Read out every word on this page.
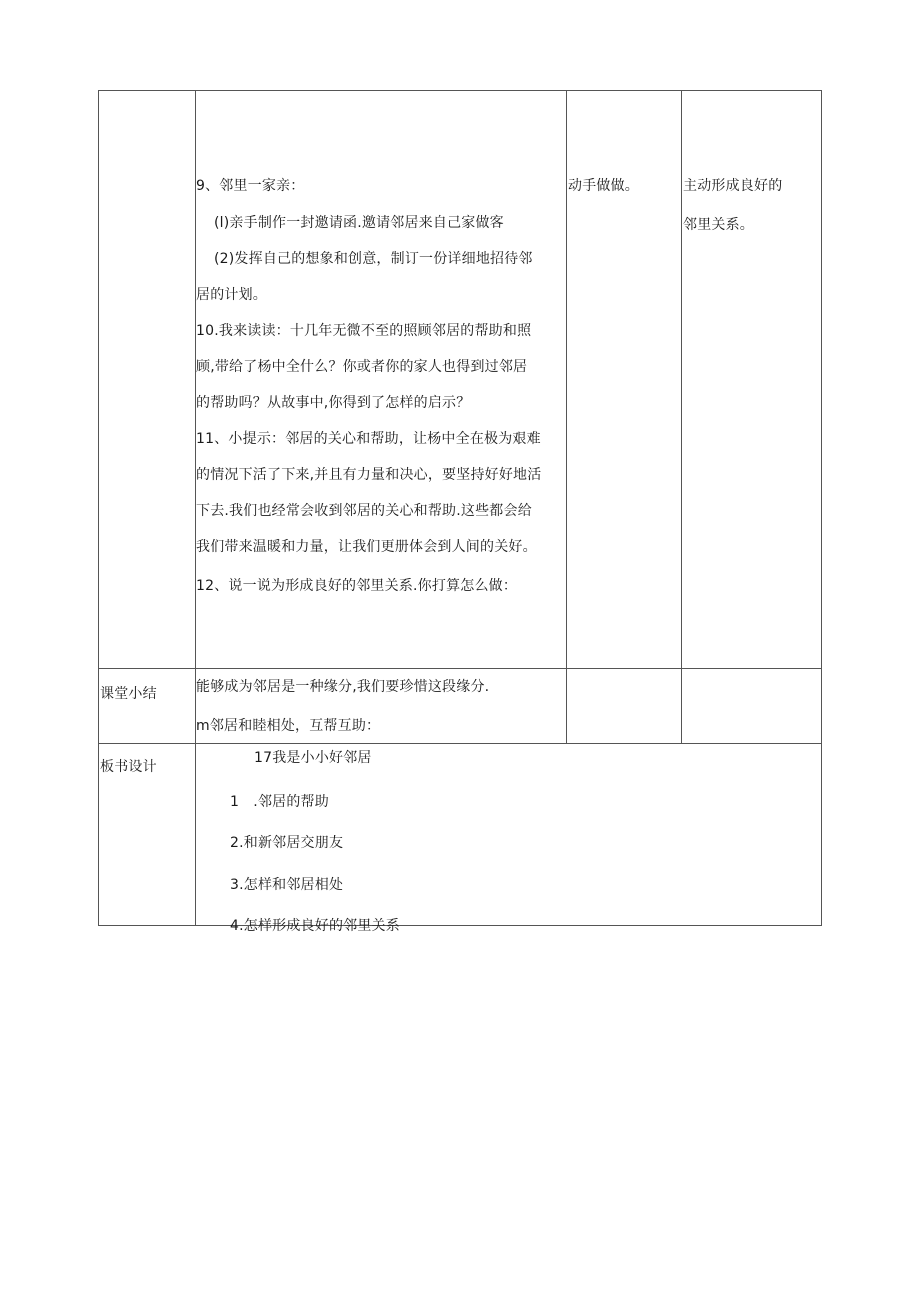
9、邻里一家亲：
(l)亲手制作一封邀请函.邀请邻居来自己家做客
(2)发挥自己的想象和创意，制订一份详细地招待邻
居的计划。
10.我来读读：十几年无微不至的照顾邻居的帮助和照
顾,带给了杨中全什么？你或者你的家人也得到过邻居
的帮助吗？从故事中,你得到了怎样的启示？
11、小提示：邻居的关心和帮助，让杨中全在极为艰难
的情况下活了下来,并且有力量和决心，要坚持好好地活
下去.我们也经常会收到邻居的关心和帮助.这些都会给
我们带来温暖和力量，让我们更册体会到人间的关好。
12、说一说为形成良好的邻里关系.你打算怎么做：
动手做做。	主动形成良好的
邻里关系。
课堂小结	能够成为邻居是一种缘分,我们要珍惜这段缘分.
m邻居和睦相处，互帮互助：
板书设计
17我是小小好邻居
1　.邻居的帮助
2.和新邻居交朋友
3.怎样和邻居相处
4.怎样形成良好的邻里关系
